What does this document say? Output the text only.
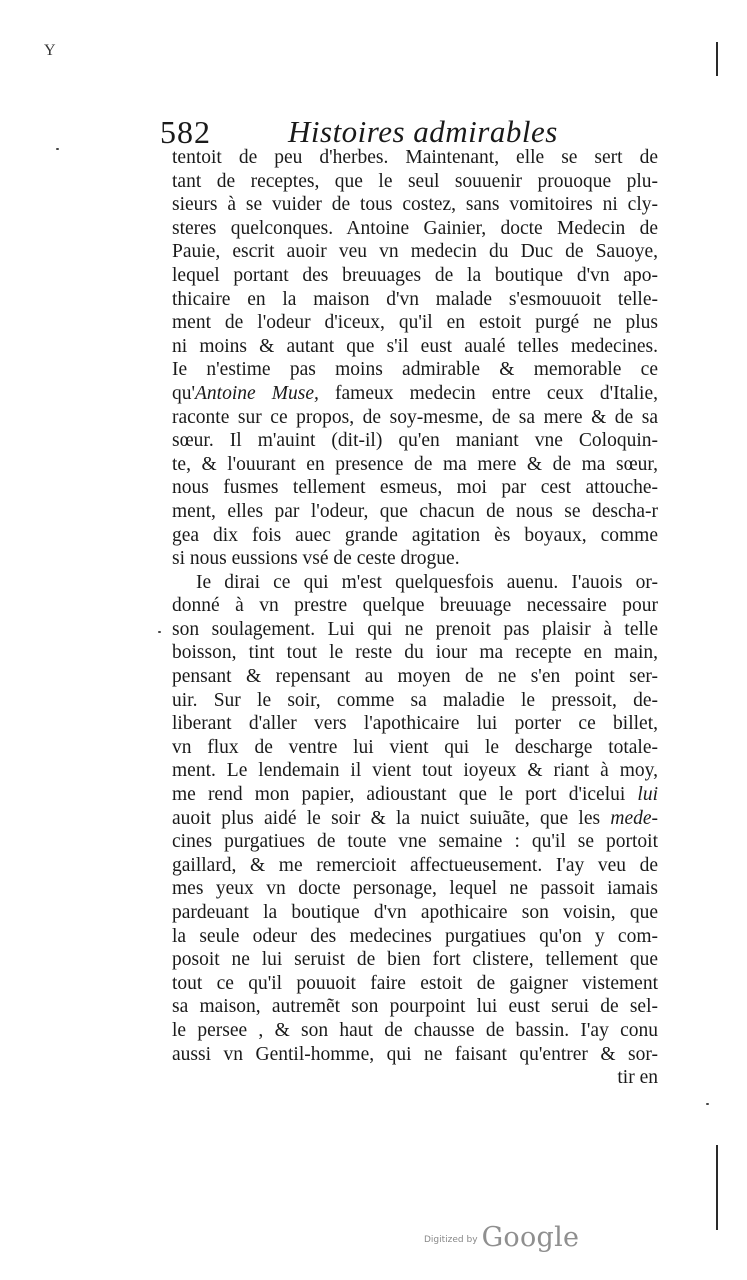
Y
582 Histoires admirables
tentoit de peu d'herbes. Maintenant, elle se sert de
tant de receptes, que le seul souuenir prouoque plu-
sieurs à se vuider de tous costez, sans vomitoires ni cly-
steres quelconques. Antoine Gainier, docte Medecin de
Pauie, escrit auoir veu vn medecin du Duc de Sauoye,
lequel portant des breuuages de la boutique d'vn apo-
thicaire en la maison d'vn malade s'esmouuoit telle-
ment de l'odeur d'iceux, qu'il en estoit purgé ne plus
ni moins & autant que s'il eust aualé telles medecines.
Ie n'estime pas moins admirable & memorable ce
qu'Antoine Muse, fameux medecin entre ceux d'Italie,
raconte sur ce propos, de soy-mesme, de sa mere & de sa
sœur. Il m'auint (dit-il) qu'en maniant vne Coloquin-
te, & l'ouurant en presence de ma mere & de ma sœur,
nous fusmes tellement esmeus, moi par cest attouche-
ment, elles par l'odeur, que chacun de nous se descha-r
gea dix fois auec grande agitation ès boyaux, comme
si nous eussions vsé de ceste drogue.
Ie dirai ce qui m'est quelquesfois auenu. I'auois or-
donné à vn prestre quelque breuuage necessaire pour
son soulagement. Lui qui ne prenoit pas plaisir à telle
boisson, tint tout le reste du iour ma recepte en main,
pensant & repensant au moyen de ne s'en point ser-
uir. Sur le soir, comme sa maladie le pressoit, de-
liberant d'aller vers l'apothicaire lui porter ce billet,
vn flux de ventre lui vient qui le descharge totale-
ment. Le lendemain il vient tout ioyeux & riant à moy,
me rend mon papier, adioustant que le port d'icelui lui
auoit plus aidé le soir & la nuict suiuãte, que les mede-
cines purgatiues de toute vne semaine : qu'il se portoit
gaillard, & me remercioit affectueusement. I'ay veu de
mes yeux vn docte personage, lequel ne passoit iamais
pardeuant la boutique d'vn apothicaire son voisin, que
la seule odeur des medecines purgatiues qu'on y com-
posoit ne lui seruist de bien fort clistere, tellement que
tout ce qu'il pouuoit faire estoit de gaigner vistement
sa maison, autremẽt son pourpoint lui eust serui de sel-
le persee , & son haut de chausse de bassin. I'ay conu
aussi vn Gentil-homme, qui ne faisant qu'entrer & sor-
tir en
$^{Digitized by}$ Google
